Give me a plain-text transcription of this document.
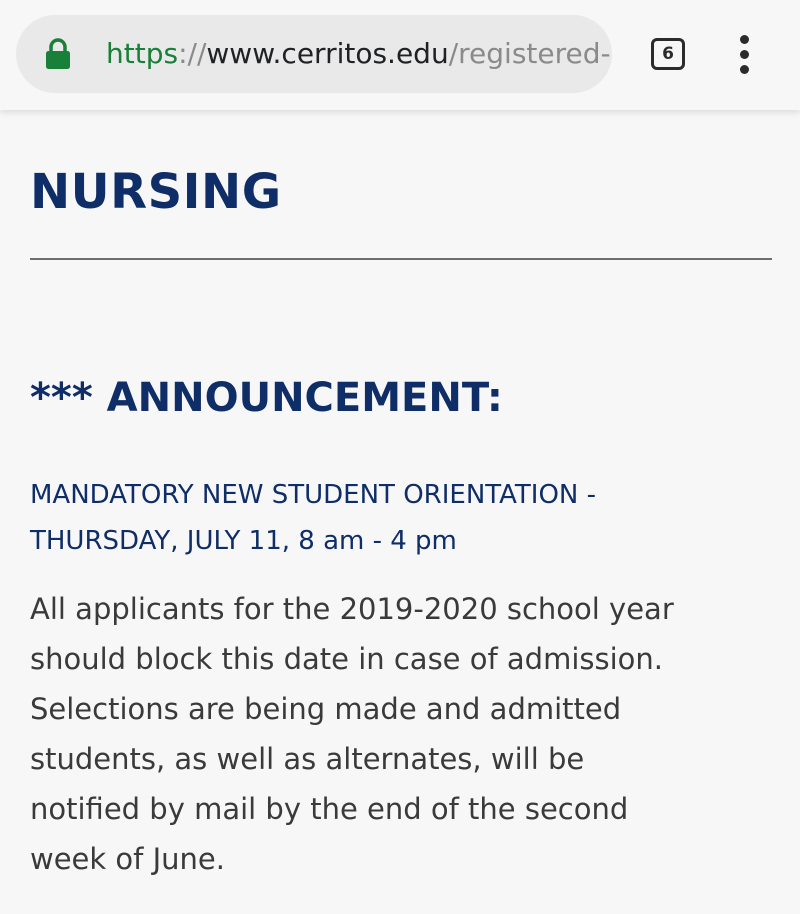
https://www.cerritos.edu/registered-	6
NURSING
*** ANNOUNCEMENT:

MANDATORY NEW STUDENT ORIENTATION -
THURSDAY, JULY 11, 8 am - 4 pm

All applicants for the 2019-2020 school year
should block this date in case of admission.
Selections are being made and admitted
students, as well as alternates, will be
notified by mail by the end of the second
week of June.
